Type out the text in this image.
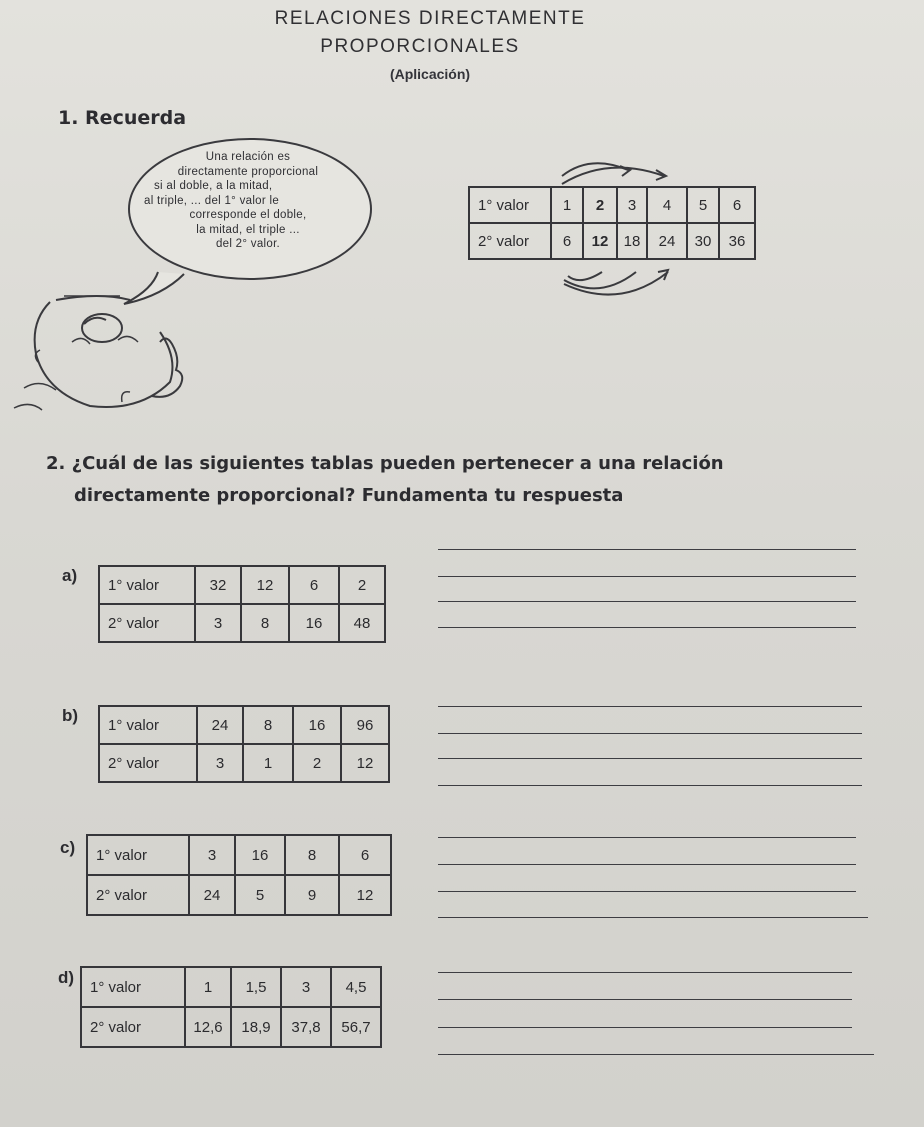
RELACIONES DIRECTAMENTE
PROPORCIONALES
(Aplicación)
1. Recuerda
Una relación es
directamente proporcional
si al doble, a la mitad,
al triple, ... del 1° valor le
corresponde el doble,
la mitad, el triple ...
del 2° valor.
1° valor	1	2	3	4	5	6
2° valor	6	12	18	24	30	36
2. ¿Cuál de las siguientes tablas pueden pertenecer a una relación
directamente proporcional? Fundamenta tu respuesta
a) 1° valor	32	12	6	2
2° valor	3	8	16	48
b) 1° valor	24	8	16	96
2° valor	3	1	2	12
c) 1° valor	3	16	8	6
2° valor	24	5	9	12
d) 1° valor	1	1,5	3	4,5
2° valor	12,6	18,9	37,8	56,7
